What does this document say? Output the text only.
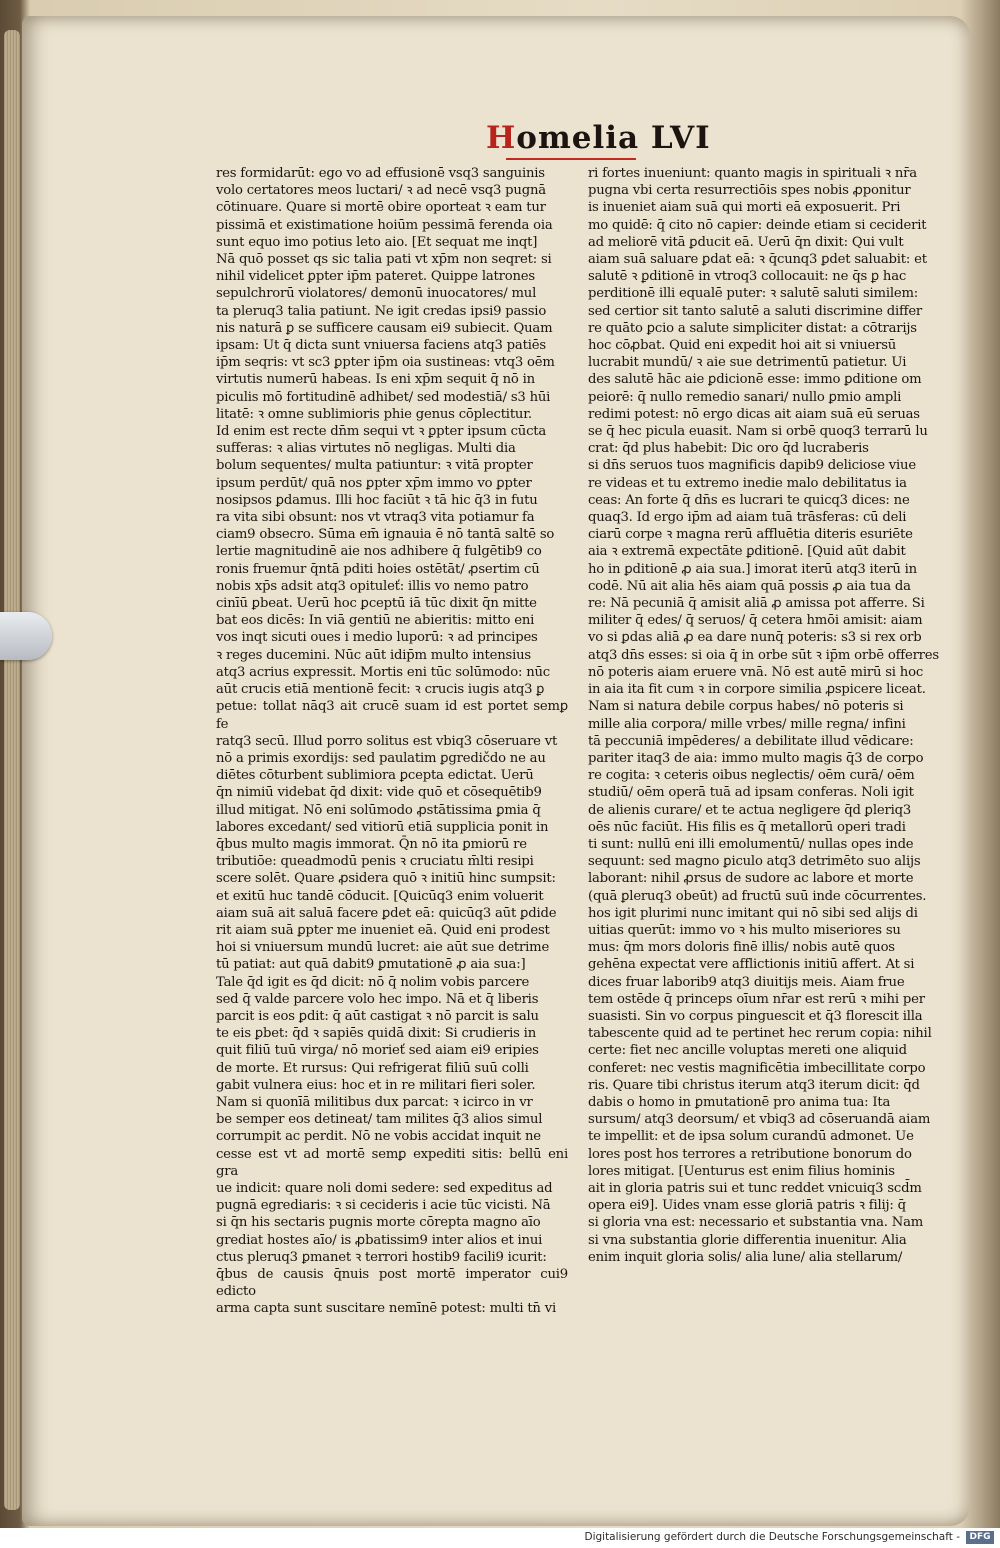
Homelia LVI

res formidarūt: ego vo ad effusionē vsq3 sanguinis

volo certatores meos luctari/ ꝛ ad necē vsq3 pugnā

cōtinuare. Quare si mortē obire oporteat ꝛ eam tur

pissimā et existimatione hoiūm pessimā ferenda oia

sunt equo imo potius leto aio. [Et sequat me inqt]

Nā quō posset qs sic talia pati vt xp̄m non seqret: si

nihil videlicet ꝑpter ip̄m pateret. Quippe latrones

sepulchrorū violatores/ demonū inuocatores/ mul

ta pleruq3 talia patiunt. Ne igit credas ipsi9 passio

nis naturā ꝑ se sufficere causam ei9 subiecit. Quam

ipsam: Ut q̄ dicta sunt vniuersa faciens atq3 patiēs

ip̄m seqris: vt sc3 ꝑpter ip̄m oia sustineas: vtq3 oēm

virtutis numerū habeas. Is eni xp̄m sequit q̄ nō in

piculis mō fortitudinē adhibet/ sed modestiā/ s3 hūi

litatē: ꝛ omne sublimioris phie genus cōplectitur.

Id enim est recte dn̄m sequi vt ꝛ ꝑpter ipsum cūcta

sufferas: ꝛ alias virtutes nō negligas. Multi dia

bolum sequentes/ multa patiuntur: ꝛ vitā propter

ipsum perdūt/ quā nos ꝑpter xp̄m immo vo ꝑpter

nosipsos ꝑdamus. Illi hoc faciūt ꝛ tā hic q̄3 in futu

ra vita sibi obsunt: nos vt vtraq3 vita potiamur fa

ciam9 obsecro. Sūma em̄ ignauia ē nō tantā saltē so

lertie magnitudinē aie nos adhibere q̄ fulgētib9 co

ronis fruemur q̄ntā pditi hoies ostētāt/ ꝓsertim cū

nobis xp̄s adsit atq3 opituleť: illis vo nemo patro

cinīū ꝑbeat. Uerū hoc ꝑceptū iā tūc dixit q̄n mitte

bat eos dicēs: In viā gentiū ne abieritis: mitto eni

vos inqt sicuti oues i medio luporū: ꝛ ad principes

ꝛ reges ducemini. Nūc aūt idip̄m multo intensius

atq3 acrius expressit. Mortis eni tūc solūmodo: nūc

aūt crucis etiā mentionē fecit: ꝛ crucis iugis atq3 ꝑ

petue: tollat nāq3 ait crucē suam id est portet semꝑ fe

ratq3 secū. Illud porro solitus est vbiq3 cōseruare vt

nō a primis exordijs: sed paulatim ꝑgredičdo ne au

diētes cōturbent sublimiora ꝑcepta edictat. Uerū

q̄n nimiū videbat q̄d dixit: vide quō et cōsequētib9

illud mitigat. Nō eni solūmodo ꝓstātissima ꝑmia q̄

labores excedant/ sed vitiorū etiā supplicia ponit in

q̄bus multo magis immorat. Q̄n nō ita ꝑmiorū re

tributiōe: queadmodū penis ꝛ cruciatu m̄lti resipi

scere solēt. Quare ꝓsidera quō ꝛ initiū hinc sumpsit:

et exitū huc tandē cōducit. [Quicūq3 enim voluerit

aiam suā ait saluā facere ꝑdet eā: quicūq3 aūt ꝑdide

rit aiam suā ꝑpter me inueniet eā. Quid eni prodest

hoi si vniuersum mundū lucret: aie aūt sue detrime

tū patiat: aut quā dabit9 ꝑmutationē ꝓ aia sua:]

Tale q̄d igit es q̄d dicit: nō q̄ nolim vobis parcere

sed q̄ valde parcere volo hec impo. Nā et q̄ liberis

parcit is eos ꝑdit: q̄ aūt castigat ꝛ nō parcit is salu

te eis ꝑbet: q̄d ꝛ sapiēs quidā dixit: Si crudieris in

quit filiū tuū virga/ nō morieť sed aiam ei9 eripies

de morte. Et rursus: Qui refrigerat filiū suū colli

gabit vulnera eius: hoc et in re militari fieri soler.

Nam si quonīā militibus dux parcat: ꝛ icirco in vr

be semper eos detineat/ tam milites q̄3 alios simul

corrumpit ac perdit. Nō ne vobis accidat inquit ne

cesse est vt ad mortē semꝑ expediti sitis: bellū eni gra

ue indicit: quare noli domi sedere: sed expeditus ad

pugnā egrediaris: ꝛ si cecideris i acie tūc vicisti. Nā

si q̄n his sectaris pugnis morte cōrepta magno aīo

grediat hostes aīo/ is ꝓbatissim9 inter alios et inui

ctus pleruq3 ꝑmanet ꝛ terrori hostib9 facili9 icurit:

q̄bus de causis q̄nuis post mortē imperator cui9 edicto

arma capta sunt suscitare nemīnē potest: multi tn̄ vi

ri fortes inueniunt: quanto magis in spirituali ꝛ nr̄a

pugna vbi certa resurrectiōis spes nobis ꝓponitur

is inueniet aiam suā qui morti eā exposuerit. Pri

mo quidē: q̄ cito nō capier: deinde etiam si ceciderit

ad meliorē vitā ꝑducit eā. Uerū q̄n dixit: Qui vult

aiam suā saluare ꝑdat eā: ꝛ q̄cunq3 ꝑdet saluabit: et

salutē ꝛ ꝑditionē in vtroq3 collocauit: ne q̄s ꝑ hac

perditionē illi equalē puter: ꝛ salutē saluti similem:

sed certior sit tanto salutē a saluti discrimine differ

re quāto ꝑcio a salute simpliciter distat: a cōtrarijs

hoc cōꝓbat. Quid eni expedit hoi ait si vniuersū

lucrabit mundū/ ꝛ aie sue detrimentū patietur. Ui

des salutē hāc aie ꝑdicionē esse: immo ꝑditione om

peiorē: q̄ nullo remedio sanari/ nullo ꝑmio ampli

redimi potest: nō ergo dicas ait aiam suā eū seruas

se q̄ hec picula euasit. Nam si orbē quoq3 terrarū lu

crat: q̄d plus habebit: Dic oro q̄d lucraberis

si dn̄s seruos tuos magnificis dapib9 deliciose viue

re videas et tu extremo inedie malo debilitatus ia

ceas: An forte q̄ dn̄s es lucrari te quicq3 dices: ne

quaq3. Id ergo ip̄m ad aiam tuā trāsferas: cū deli

ciarū corpe ꝛ magna rerū affluētia diteris esuriēte

aia ꝛ extremā expectāte ꝑditionē. [Quid aūt dabit

ho in ꝑditionē ꝓ aia sua.] imorat iterū atq3 iterū in

codē. Nū ait alia hēs aiam quā possis ꝓ aia tua da

re: Nā pecuniā q̄ amisit aliā ꝓ amissa pot afferre. Si

militer q̄ edes/ q̄ seruos/ q̄ cetera hmōi amisit: aiam

vo si ꝑdas aliā ꝓ ea dare nunq̄ poteris: s3 si rex orb

atq3 dn̄s esses: si oia q̄ in orbe sūt ꝛ ip̄m orbē offerres

nō poteris aiam eruere vnā. Nō est autē mirū si hoc

in aia ita fit cum ꝛ in corpore similia ꝓspicere liceat.

Nam si natura debile corpus habes/ nō poteris si

mille alia corpora/ mille vrbes/ mille regna/ infini

tā peccuniā impēderes/ a debilitate illud vēdicare:

pariter itaq3 de aia: immo multo magis q̄3 de corpo

re cogita: ꝛ ceteris oibus neglectis/ oēm curā/ oēm

studiū/ oēm operā tuā ad ipsam conferas. Noli igit

de alienis curare/ et te actua negligere q̄d ꝑleriq3

oēs nūc faciūt. His filis es q̄ metallorū operi tradi

ti sunt: nullū eni illi emolumentū/ nullas opes inde

sequunt: sed magno ꝑiculo atq3 detrimēto suo alijs

laborant: nihil ꝓrsus de sudore ac labore et morte

(quā ꝑleruq3 obeūt) ad fructū suū inde cōcurrentes.

hos igit plurimi nunc imitant qui nō sibi sed alijs di

uitias querūt: immo vo ꝛ his multo miseriores su

mus: q̄m mors doloris finē illis/ nobis autē quos

gehēna expectat vere afflictionis initiū affert. At si

dices fruar laborib9 atq3 diuitijs meis. Aiam frue

tem ostēde q̄ princeps oīum nr̄ar est rerū ꝛ mihi per

suasisti. Sin vo corpus pinguescit et q̄3 florescit illa

tabescente quid ad te pertinet hec rerum copia: nihil

certe: fiet nec ancille voluptas mereti one aliquid

conferet: nec vestis magnificētia imbecillitate corpo

ris. Quare tibi christus iterum atq3 iterum dicit: q̄d

dabis o homo in ꝑmutationē pro anima tua: Ita

sursum/ atq3 deorsum/ et vbiq3 ad cōseruandā aiam

te impellit: et de ipsa solum curandū admonet. Ue

lores post hos terrores a retributione bonorum do

lores mitigat. [Uenturus est enim filius hominis

ait in gloria patris sui et tunc reddet vnicuiq3 scd̄m

opera ei9]. Uides vnam esse gloriā patris ꝛ filij: q̄

si gloria vna est: necessario et substantia vna. Nam

si vna substantia glorie differentia inuenitur. Alia

enim inquit gloria solis/ alia lune/ alia stellarum/

Digitalisierung gefördert durch die Deutsche Forschungsgemeinschaft -	DFG
